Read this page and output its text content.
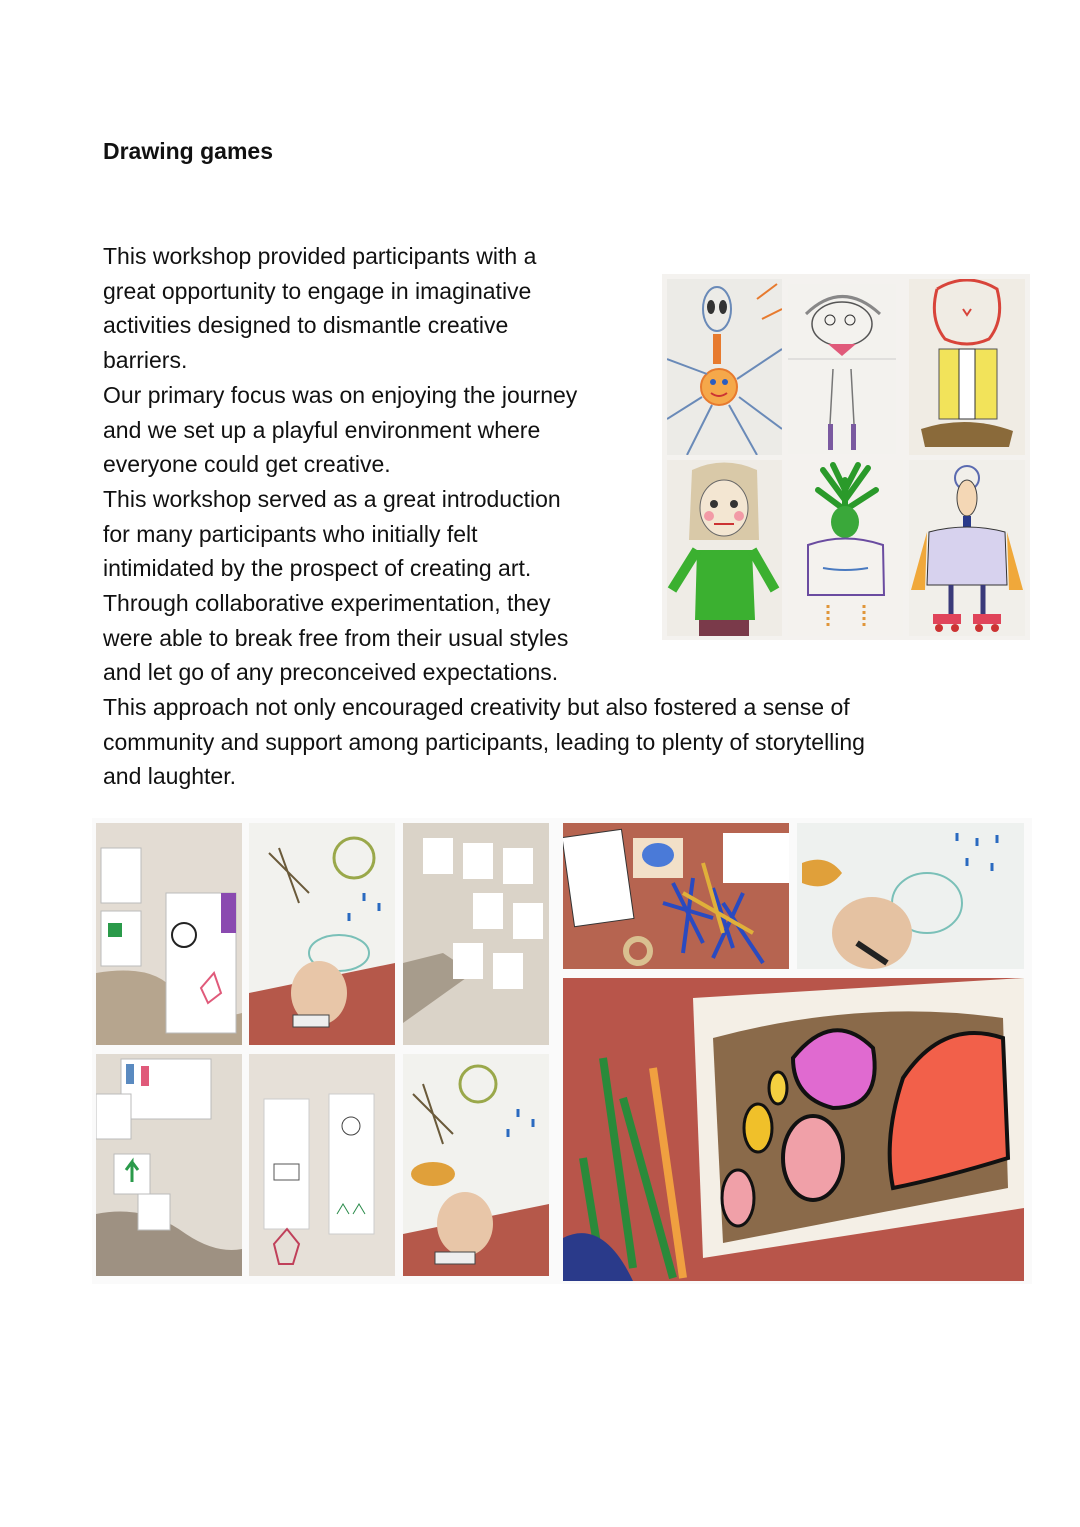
Drawing games
This workshop provided participants with a
great opportunity to engage in imaginative
activities designed to dismantle creative
barriers.
Our primary focus was on enjoying the journey
and we set up a playful environment where
everyone could get creative.
This workshop served as a great introduction
for many participants who initially felt
intimidated by the prospect of creating art.
Through collaborative experimentation, they
were able to break free from their usual styles
and let go of any preconceived expectations.
This approach not only encouraged creativity but also fostered a sense of
community and support among participants, leading to plenty of storytelling
and laughter.
